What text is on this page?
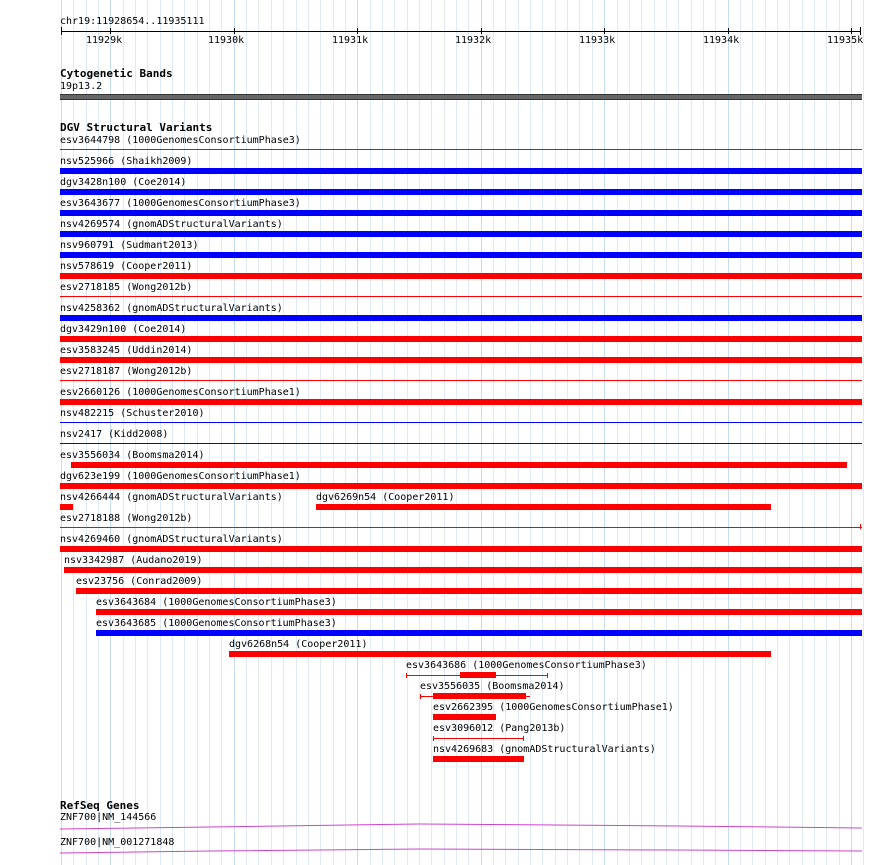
chr19:11928654..11935111
11929k	11930k	11931k	11932k	11933k	11934k	11935k
Cytogenetic Bands
19p13.2
DGV Structural Variants
esv3644798 (1000GenomesConsortiumPhase3)
nsv525966 (Shaikh2009)
dgv3428n100 (Coe2014)
esv3643677 (1000GenomesConsortiumPhase3)
nsv4269574 (gnomADStructuralVariants)
nsv960791 (Sudmant2013)
nsv578619 (Cooper2011)
esv2718185 (Wong2012b)
nsv4258362 (gnomADStructuralVariants)
dgv3429n100 (Coe2014)
esv3583245 (Uddin2014)
esv2718187 (Wong2012b)
esv2660126 (1000GenomesConsortiumPhase1)
nsv482215 (Schuster2010)
nsv2417 (Kidd2008)
esv3556034 (Boomsma2014)
dgv623e199 (1000GenomesConsortiumPhase1)
nsv4266444 (gnomADStructuralVariants)	dgv6269n54 (Cooper2011)
esv2718188 (Wong2012b)
nsv4269460 (gnomADStructuralVariants)
nsv3342987 (Audano2019)
esv23756 (Conrad2009)
esv3643684 (1000GenomesConsortiumPhase3)
esv3643685 (1000GenomesConsortiumPhase3)
dgv6268n54 (Cooper2011)
esv3643686 (1000GenomesConsortiumPhase3)
esv3556035 (Boomsma2014)
esv2662395 (1000GenomesConsortiumPhase1)
esv3096012 (Pang2013b)
nsv4269683 (gnomADStructuralVariants)
RefSeq Genes
ZNF700|NM_144566
ZNF700|NM_001271848
